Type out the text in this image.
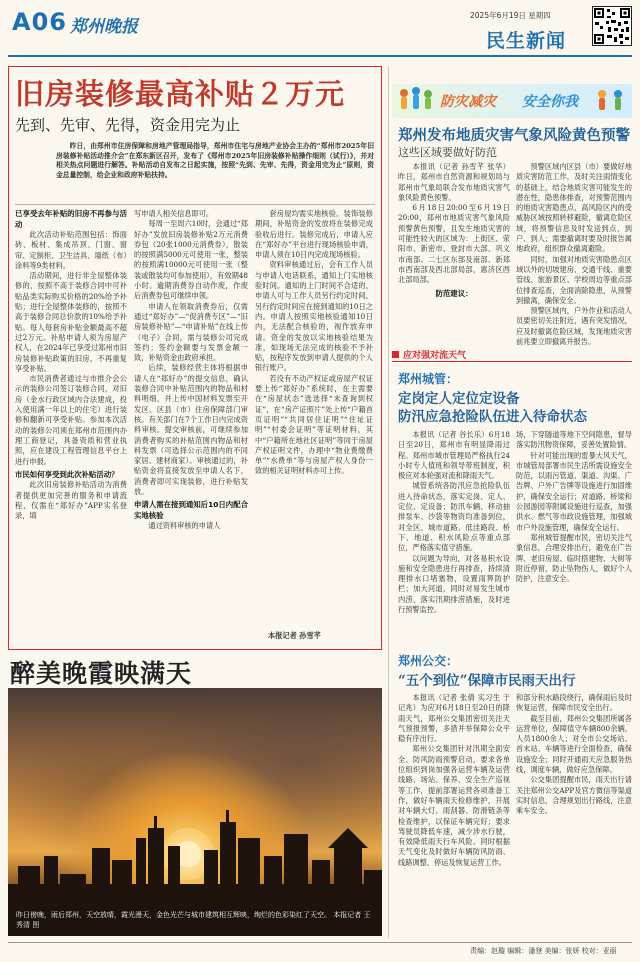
A06 郑州晚报
2025年6月19日 星期四
民生新闻
旧房装修最高补贴２万元
先到、先审、先得，资金用完为止
昨日，由郑州市住房保障和房地产管理局指导，郑州市住宅与房地产业协会主办的“郑州市2025年旧房装修补贴活动推介会”在郑东新区召开，发布了《郑州市2025年旧房装修补贴操作细则（试行）》，并对相关热点问题进行解答。补贴活动自发布之日起实施，按照“先到、先审、先得，资金用完为止”原则，资金总量控制，给企业和政府补贴扶持。
已享受去年补贴的旧房不再参与活动

此次活动补贴范围包括：饰面砖、板材、集成吊顶、门窗、窗帘、定制柜、卫生洁具、墙纸（布）涂料等9类材料。

活动期间，进行非全屋整体装修的，按照不高于装修合同中可补贴品类实际购买价格的20%给予补贴；进行全屋整体装修的，按照不高于装修合同总价款的10%给予补贴。每人每套房补贴金额最高不超过2万元。补贴申请人须为房屋产权人，在2024年已享受过郑州市旧房装修补贴政策的旧房，不再重复享受补贴。

市民消费者通过与市推介会公示的装修公司签订装修合同，对旧房（金水行政区域内合法建成，投入使用满一年以上的住宅）进行装修和翻新可享受补贴。参加本次活动的装修公司须在郑州市范围内办理工商登记，具备资质和营业执照，应在建设工程管理信息平台上进行申报。

市民如何享受到此次补贴活动？

此次旧房装修补贴活动为消费者提供更加完善的服务和申请流程，仅需在“郑好办”APP实名登录，填

写申请人相关信息即可。

每周一至周六10时，会通过“郑好办”发放旧房装修补贴2万元消费券包（20张1000元消费券），散装的按照满5000元可使用一张，整装的按照满10000元可使用一张（整装或散装均可参加使用），有效期48小时。逾期消费券自动作废，作废后消费券包可继续申领。

申请人在领取消费券后，仅需通过“郑好办”—“促消费专区”—“旧房装修补贴”—“申请补贴”在线上传（电子）合同，需与装修公司完成签约；签约金额要与发票金额一致，补贴资金由政府承担。

后续，装修经营主体将根据申请人在“郑好办”的提交信息，确认装修合同中补贴范围内的物品和材料明细，并上传中国材料发票至开发区、区县（市）住房保障部门审核。有关部门在7个工作日内完成资料审核。提交审核前，可继续参加消费者购买的补贴范围内物品和材料发票（可选择公示范围内的不同家居、建材商家）。审核通过的，补贴资金将直接发放至申请人名下，消费者即可实现装修，进行补贴发放。

申请人需在接到通知后10日内配合实地核验

通过资料审核的申请人

套房屋均需实地核验。装饰装修期间，补贴资金的发放将在装修完成验收后进行。装修完成后，申请人应在“郑好办”平台进行现场核验申请，申请人须在10日内完成现场核验。

资料审核通过后，会有工作人员与申请人电话联系，通知上门实地核验时间。通知的上门时间不合适的，申请人可与工作人员另行约定时间，另行约定时间应在接到通知的10日之内。申请人按照实地核验通知10日内，无法配合核验的，视作放弃申请。资金的发放以实地核验结果为准，如现场无法完成的核验不予补贴，按程序发放到申请人提供的个人银行账户。

若没有不动产权证或房屋产权证要上传“郑好办”系统时，在主需要在“房屋状态”选选择“未查询到权证”，在“房产证照片”处上传“户籍首页证明”“共同居住证明”“住址证明”“村委会证明”等证明材料，其中“户籍所在地社区证明”等同于房屋产权证明文件，办理中“物业费缴费单”“水费单”等与房屋产权人身份一致的相关证明材料亦可上传。

本报记者 孙雪芊
醉美晚霞映满天
昨日傍晚，雨后郑州，天空放晴，霞光漫天，金色光芒与城市建筑相互辉映，绚烂的色彩染红了天空。 本报记者 王秀清 图
防灾减灾 安全你我
郑州发布地质灾害气象风险黄色预警
这些区域要做好防范

本报讯（记者 孙雪芊 张华）昨日，郑州市自然资源和规划局与郑州市气象局联合发布地质灾害气象风险黄色预警。

6月18日20:00至6月19日20:00，郑州市地质灾害气象风险预警黄色预警，且发生地质灾害的可能性较大的区域为：上街区、荥阳市、新密市、登封市大部、巩义市南部、二七区东部及南部、新郑市西南部及西北部局部，惠济区西北部局部。

防范建议：

预警区域内区县（市）要做好地质灾害防范工作，及时关注雨情变化的基础上，结合地质灾害可能发生的潜在性，隐患体排查，对预警范围内的地质灾害隐患点、高风险区内的受威胁区域按照转移避险，撤离危险区域，将预警信息及时发送到点、到户、到人；需要撤离时要及时报告属地政府，组织群众撤离避险。

同时，加强对地质灾害隐患点区域以外的切坡建房、交通干线、重要管线、旅游景区、学校周边等重点部位排查巡查，全面消除隐患，从预警到撤离，确保安全。

预警区域内，户外作业和活动人员要密切关注附近，遇有突发情况，应及时撤离危险区域，发现地质灾害前兆要立即撤离并报告。

应对强对流天气
郑州城管：
定岗定人定位定设备
防汛应急抢险队伍进入待命状态

本报讯（记者 谷长乐）6月18日至20日，郑州市有明显降雨过程。郑州市城市管理局严格执行24小时专人值班和领导带班制度，积极应对本轮强对流和降雨天气。

城管系统各防汛应急抢险队伍进入待命状态，落实定岗、定人、定位、定设备；防汛车辆、移动抽排泵车、沙袋等物资均准备到位，对全区、城市道路、低洼路段、桥下、地道、积水风险点等重点部位，严格落实值守措施。

以问题为导向，对各易积水设施和安全隐患进行再排查，持续清理排水口堵塞物，设置雨箅防护栏；加大河道，同时对易发生城市内涝，落实汛期排涝措施，及时进行预警监控。

场，下穿隧道等地下空间隐患，督导落实防汛物资保障，妥善处置险情。

针对可能出现的雷暴大风天气，市城管局部署市民生活所需设施安全防范，以雨污管道、渠道、沟渠、广告牌、户外广告牌等设施进行加固维护，确保安全运行；对道路、桥梁和公园游园等附属设施进行巡查，加强供水、燃气等市政设施管理，加强城市户外设施管理，确保安全运行。

郑州城管提醒市民，密切关注气象信息，合理安排出行，避免在广告牌、老旧房屋、临时搭建物、大树等附近停留，防止坠物伤人，做好个人防护，注意安全。

郑州公交：
“五个到位”保障市民雨天出行

本报讯（记者 张倩 实习生 于记兆）为应对6月18日至20日的降雨天气，郑州公交集团密切关注天气预报预警，多措并举保障公众平稳有序出行。

郑州公交集团针对汛期全面安全、防风防雨预警启动，要求各单位组织到岗加强各运营车辆及运营线路、场站、保养、安全生产巡视等工作，提前部署运营各项准备工作，做好车辆雨天检修维护，开展对车辆大灯、雨刮器、防滑链条等检查维护，以保证车辆完好；要求驾驶员降低车速，减少涉水行驶，有效降低雨天行车风险。同时根据天气变化及时做好车辆防风防雨、线路调整、停运及恢复运营工作。

和部分积水路段绕行，确保雨后及时恢复运营，保障市民安全出行。

截至目前，郑州公交集团所属各运营单位，保障值守车辆800余辆，人员1800余人；对全市公交场站、首末站、车辆等进行全面检查，确保设施安全；同时开通雨天应急服务热线，调度车辆，做好应急保障。

公交集团提醒市民，雨天出行请关注郑州公交APP及官方微信等渠道实时信息，合理规划出行路线，注意乘车安全。

责编：赵璇 编辑：潘登 美编：张妍 校对：亚丽
